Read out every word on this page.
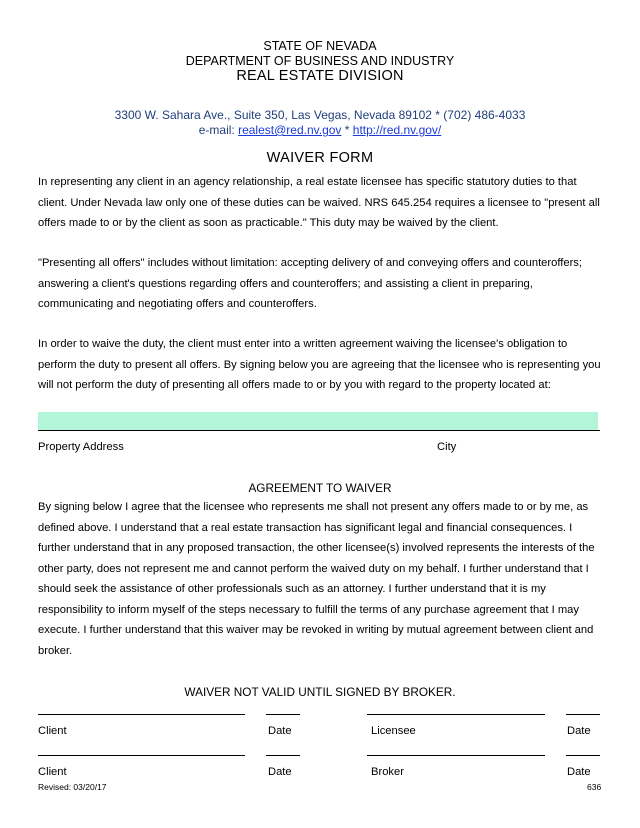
STATE OF NEVADA
DEPARTMENT OF BUSINESS AND INDUSTRY
REAL ESTATE DIVISION
3300 W. Sahara Ave., Suite 350, Las Vegas, Nevada 89102 * (702) 486-4033
e-mail: realest@red.nv.gov * http://red.nv.gov/
WAIVER FORM
In representing any client in an agency relationship, a real estate licensee has specific statutory duties to that client. Under Nevada law only one of these duties can be waived. NRS 645.254 requires a licensee to "present all offers made to or by the client as soon as practicable." This duty may be waived by the client.
"Presenting all offers" includes without limitation: accepting delivery of and conveying offers and counteroffers; answering a client's questions regarding offers and counteroffers; and assisting a client in preparing, communicating and negotiating offers and counteroffers.
In order to waive the duty, the client must enter into a written agreement waiving the licensee's obligation to perform the duty to present all offers. By signing below you are agreeing that the licensee who is representing you will not perform the duty of presenting all offers made to or by you with regard to the property located at:
Property Address	City
AGREEMENT TO WAIVER
By signing below I agree that the licensee who represents me shall not present any offers made to or by me, as defined above. I understand that a real estate transaction has significant legal and financial consequences. I further understand that in any proposed transaction, the other licensee(s) involved represents the interests of the other party, does not represent me and cannot perform the waived duty on my behalf. I further understand that I should seek the assistance of other professionals such as an attorney. I further understand that it is my responsibility to inform myself of the steps necessary to fulfill the terms of any purchase agreement that I may execute. I further understand that this waiver may be revoked in writing by mutual agreement between client and broker.
WAIVER NOT VALID UNTIL SIGNED BY BROKER.
Client	Date	Licensee	Date
Client	Date	Broker	Date
Revised: 03/20/17	636
